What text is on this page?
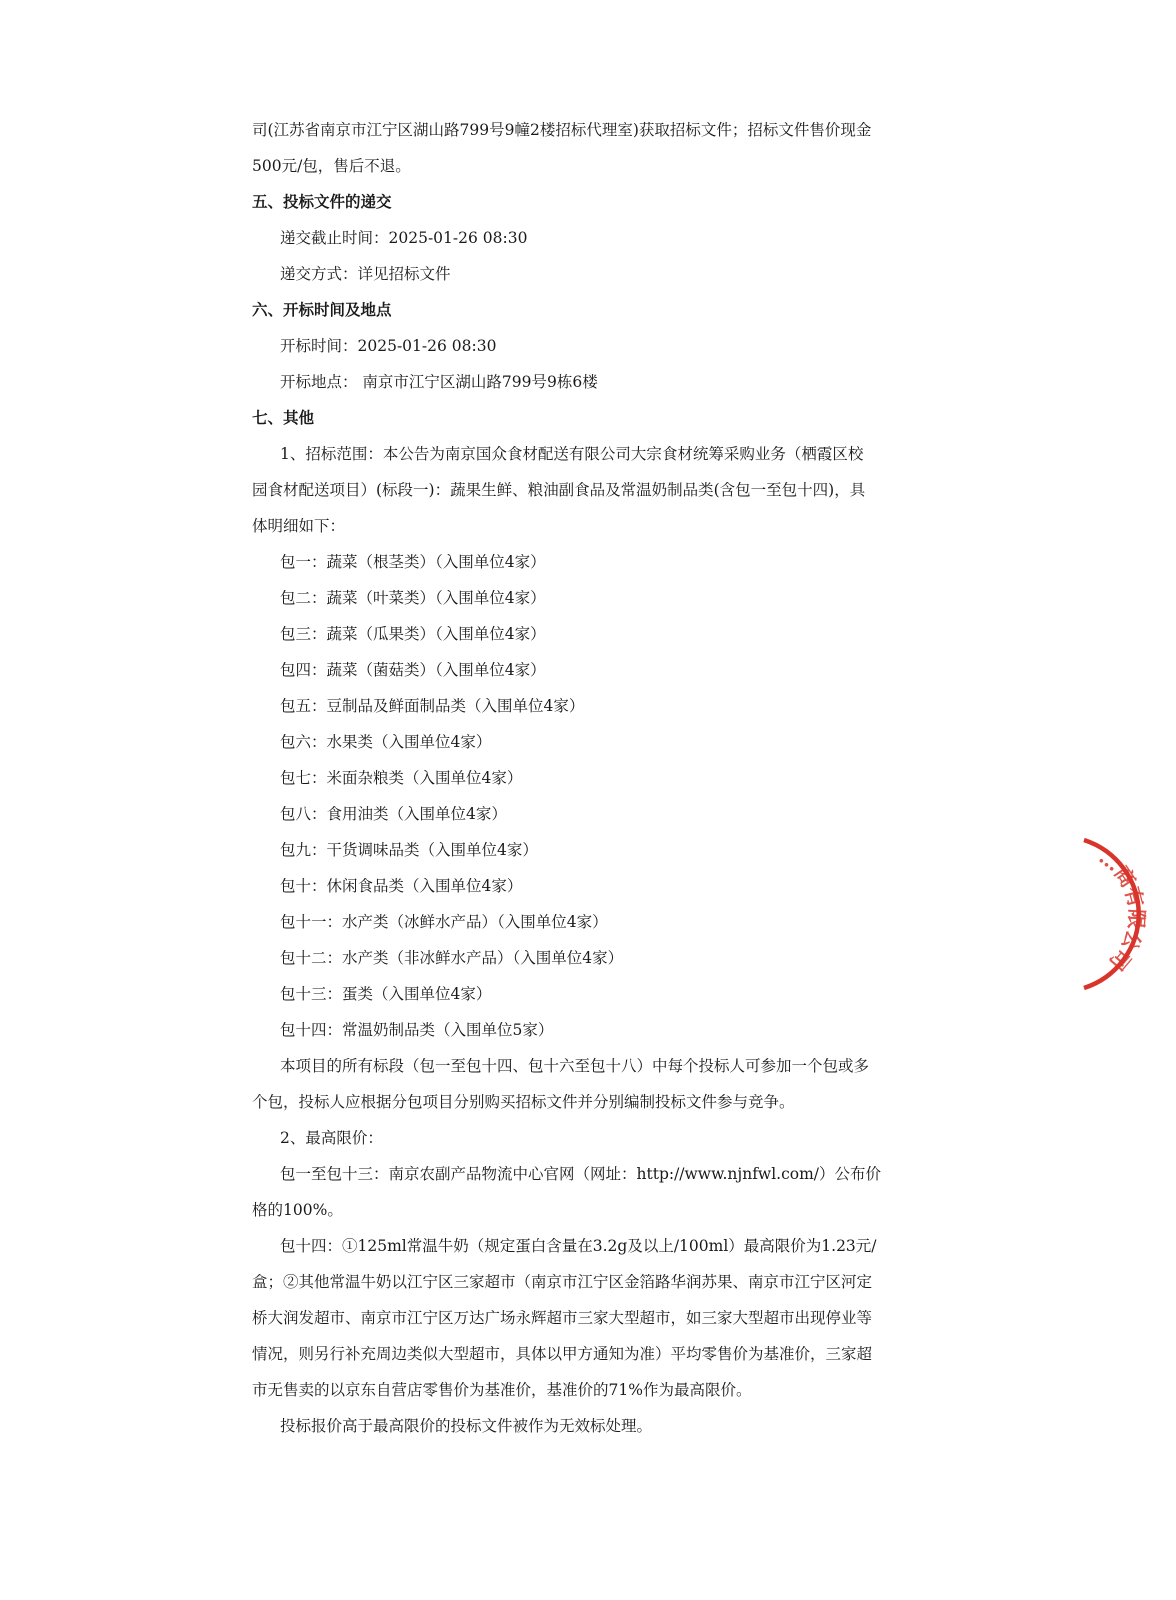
司(江苏省南京市江宁区湖山路799号9幢2楼招标代理室)获取招标文件；招标文件售价现金
500元/包，售后不退。
五、投标文件的递交
递交截止时间：2025-01-26 08:30
递交方式：详见招标文件
六、开标时间及地点
开标时间：2025-01-26 08:30
开标地点： 南京市江宁区湖山路799号9栋6楼
七、其他
1、招标范围：本公告为南京国众食材配送有限公司大宗食材统筹采购业务（栖霞区校
园食材配送项目）(标段一)：蔬果生鲜、粮油副食品及常温奶制品类(含包一至包十四)，具
体明细如下：
包一：蔬菜（根茎类）（入围单位4家）
包二：蔬菜（叶菜类）（入围单位4家）
包三：蔬菜（瓜果类）（入围单位4家）
包四：蔬菜（菌菇类）（入围单位4家）
包五：豆制品及鲜面制品类（入围单位4家）
包六：水果类（入围单位4家）
包七：米面杂粮类（入围单位4家）
包八：食用油类（入围单位4家）
包九：干货调味品类（入围单位4家）
包十：休闲食品类（入围单位4家）
包十一：水产类（冰鲜水产品）（入围单位4家）
包十二：水产类（非冰鲜水产品）（入围单位4家）
包十三：蛋类（入围单位4家）
包十四：常温奶制品类（入围单位5家）
本项目的所有标段（包一至包十四、包十六至包十八）中每个投标人可参加一个包或多
个包，投标人应根据分包项目分别购买招标文件并分别编制投标文件参与竞争。
2、最高限价：
包一至包十三：南京农副产品物流中心官网（网址：http://www.njnfwl.com/）公布价
格的100%。
包十四：①125ml常温牛奶（规定蛋白含量在3.2g及以上/100ml）最高限价为1.23元/
盒；②其他常温牛奶以江宁区三家超市（南京市江宁区金箔路华润苏果、南京市江宁区河定
桥大润发超市、南京市江宁区万达广场永辉超市三家大型超市，如三家大型超市出现停业等
情况，则另行补充周边类似大型超市，具体以甲方通知为准）平均零售价为基准价，三家超
市无售卖的以京东自营店零售价为基准价，基准价的71%作为最高限价。
投标报价高于最高限价的投标文件被作为无效标处理。
…商有限公司
